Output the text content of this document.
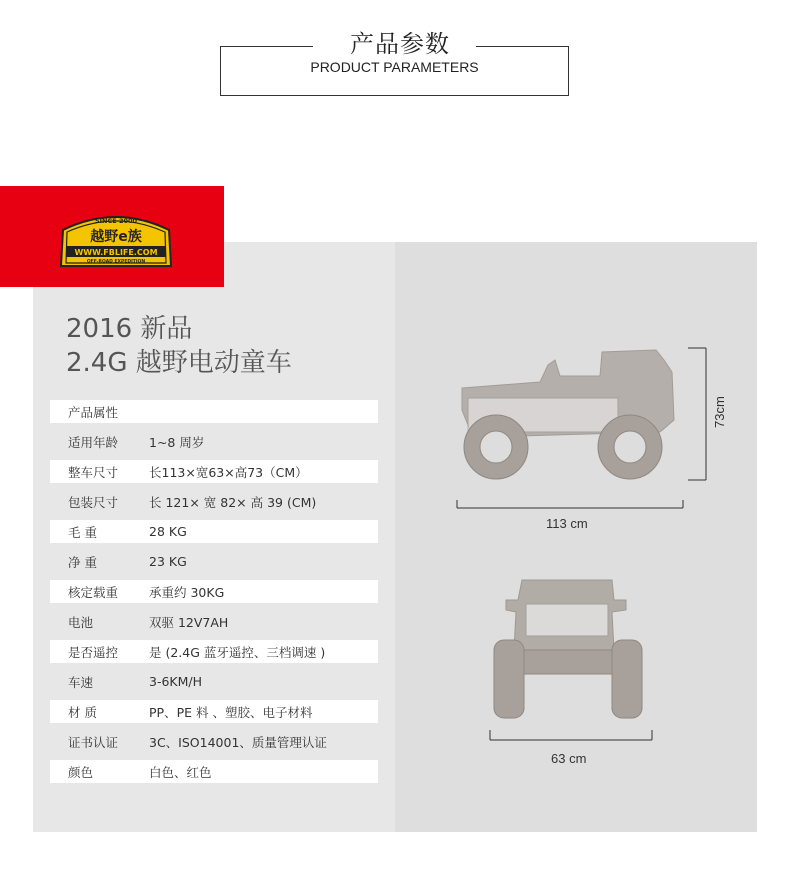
产品参数
PRODUCT PARAMETERS
SINCE 2000
越野e族
WWW.FBLIFE.COM
OFF-ROAD EXPEDITION
2016 新品
2.4G 越野电动童车
产品属性
适用年龄	1~8 周岁
整车尺寸	长113×宽63×高73（CM）
包装尺寸	长 121× 宽 82× 高 39 (CM)
毛 重	28 KG
净 重	23 KG
核定载重	承重约 30KG
电池	双驱 12V7AH
是否遥控	是 (2.4G 蓝牙遥控、三档调速 )
车速	3-6KM/H
材 质	PP、PE 料 、塑胶、电子材料
证书认证	3C、ISO14001、质量管理认证
颜色	白色、红色
113 cm
73cm
63 cm
